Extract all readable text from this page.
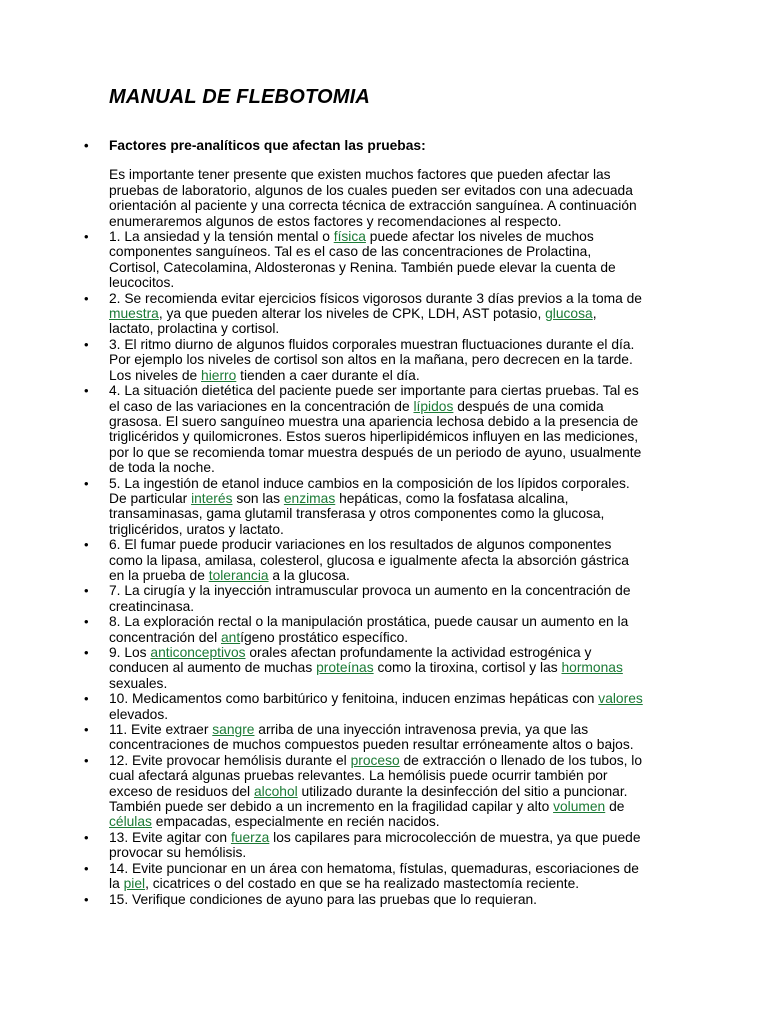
MANUAL DE FLEBOTOMIA
• Factores pre-analíticos que afectan las pruebas:

Es importante tener presente que existen muchos factores que pueden afectar las pruebas de laboratorio, algunos de los cuales pueden ser evitados con una adecuada orientación al paciente y una correcta técnica de extracción sanguínea. A continuación enumeraremos algunos de estos factores y recomendaciones al respecto.

• 1. La ansiedad y la tensión mental o física puede afectar los niveles de muchos componentes sanguíneos. Tal es el caso de las concentraciones de Prolactina, Cortisol, Catecolamina, Aldosteronas y Renina. También puede elevar la cuenta de leucocitos.
• 2. Se recomienda evitar ejercicios físicos vigorosos durante 3 días previos a la toma de muestra, ya que pueden alterar los niveles de CPK, LDH, AST potasio, glucosa, lactato, prolactina y cortisol.
• 3. El ritmo diurno de algunos fluidos corporales muestran fluctuaciones durante el día. Por ejemplo los niveles de cortisol son altos en la mañana, pero decrecen en la tarde. Los niveles de hierro tienden a caer durante el día.
• 4. La situación dietética del paciente puede ser importante para ciertas pruebas. Tal es el caso de las variaciones en la concentración de lípidos después de una comida grasosa. El suero sanguíneo muestra una apariencia lechosa debido a la presencia de triglicéridos y quilomicrones. Estos sueros hiperlipidémicos influyen en las mediciones, por lo que se recomienda tomar muestra después de un periodo de ayuno, usualmente de toda la noche.
• 5. La ingestión de etanol induce cambios en la composición de los lípidos corporales. De particular interés son las enzimas hepáticas, como la fosfatasa alcalina, transaminasas, gama glutamil transferasa y otros componentes como la glucosa, triglicéridos, uratos y lactato.
• 6. El fumar puede producir variaciones en los resultados de algunos componentes como la lipasa, amilasa, colesterol, glucosa e igualmente afecta la absorción gástrica en la prueba de tolerancia a la glucosa.
• 7. La cirugía y la inyección intramuscular provoca un aumento en la concentración de creatincinasa.
• 8. La exploración rectal o la manipulación prostática, puede causar un aumento en la concentración del antígeno prostático específico.
• 9. Los anticonceptivos orales afectan profundamente la actividad estrogénica y conducen al aumento de muchas proteínas como la tiroxina, cortisol y las hormonas sexuales.
• 10. Medicamentos como barbitúrico y fenitoina, inducen enzimas hepáticas con valores elevados.
• 11. Evite extraer sangre arriba de una inyección intravenosa previa, ya que las concentraciones de muchos compuestos pueden resultar erróneamente altos o bajos.
• 12. Evite provocar hemólisis durante el proceso de extracción o llenado de los tubos, lo cual afectará algunas pruebas relevantes. La hemólisis puede ocurrir también por exceso de residuos del alcohol utilizado durante la desinfección del sitio a puncionar. También puede ser debido a un incremento en la fragilidad capilar y alto volumen de células empacadas, especialmente en recién nacidos.
• 13. Evite agitar con fuerza los capilares para microcolección de muestra, ya que puede provocar su hemólisis.
• 14. Evite puncionar en un área con hematoma, fístulas, quemaduras, escoriaciones de la piel, cicatrices o del costado en que se ha realizado mastectomía reciente.
• 15. Verifique condiciones de ayuno para las pruebas que lo requieran.
